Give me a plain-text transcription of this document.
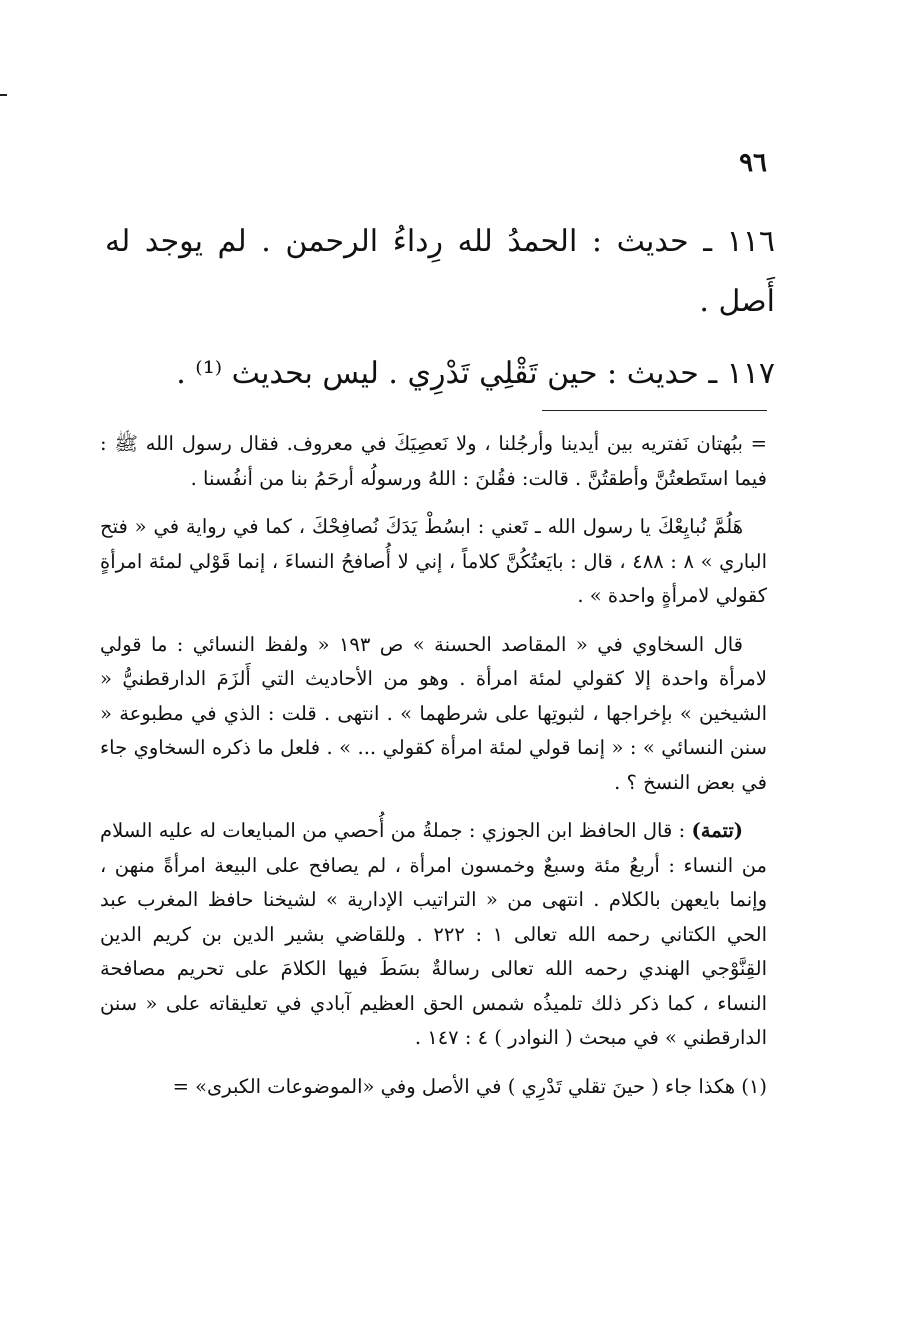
٩٦

١١٦ ـ حديث : الحمدُ لله رِداءُ الرحمن . لم يوجد له أَصل .

١١٧ ـ حديث : حين تَقْلِي تَدْرِي . ليس بحديث ⁽¹⁾ .

= ببُهتان نَفتريه بين أيدينا وأرجُلنا ، ولا نَعصِيَكَ في معروف. فقال رسول الله ﷺ : فيما استَطعتُنَّ وأطقتُنَّ . قالت: فقُلنَ : اللهُ ورسولُه أرحَمُ بنا من أنفُسنا .

هَلُمَّ نُبايِعْكَ يا رسول الله ـ تَعني : ابسُطْ يَدَكَ نُصافِحْكَ ، كما في رواية في « فتح الباري » ٨ : ٤٨٨ ، قال : بايَعتُكُنَّ كلاماً ، إني لا أُصافحُ النساءَ ، إنما قَوْلي لمئة امرأةٍ كقولي لامرأةٍ واحدة » .

قال السخاوي في « المقاصد الحسنة » ص ١٩٣ « ولفظ النسائي : ما قولي لامرأة واحدة إلا كقولي لمئة امرأة . وهو من الأحاديث التي أَلزَمَ الدارقطنيُّ « الشيخين » بإخراجها ، لثبوتِها على شرطهما » . انتهى . قلت : الذي في مطبوعة « سنن النسائي » : « إنما قولي لمئة امرأة كقولي ... » . فلعل ما ذكره السخاوي جاء في بعض النسخ ؟ .

(تتمة) : قال الحافظ ابن الجوزي : جملةُ من أُحصي من المبايعات له عليه السلام من النساء : أربعُ مئة وسبعٌ وخمسون امرأة ، لم يصافح على البيعة امرأةً منهن ، وإنما بايعهن بالكلام . انتهى من « التراتيب الإدارية » لشيخنا حافظ المغرب عبد الحي الكتاني رحمه الله تعالى ١ : ٢٢٢ . وللقاضي بشير الدين بن كريم الدين القِنَّوْجي الهندي رحمه الله تعالى رسالةٌ بسَطَ فيها الكلامَ على تحريم مصافحة النساء ، كما ذكر ذلك تلميذُه شمس الحق العظيم آبادي في تعليقاته على « سنن الدارقطني » في مبحث ( النوادر ) ٤ : ١٤٧ .

(١) هكذا جاء ( حينَ تقلي تَدْرِي ) في الأصل وفي «الموضوعات الكبرى» =
